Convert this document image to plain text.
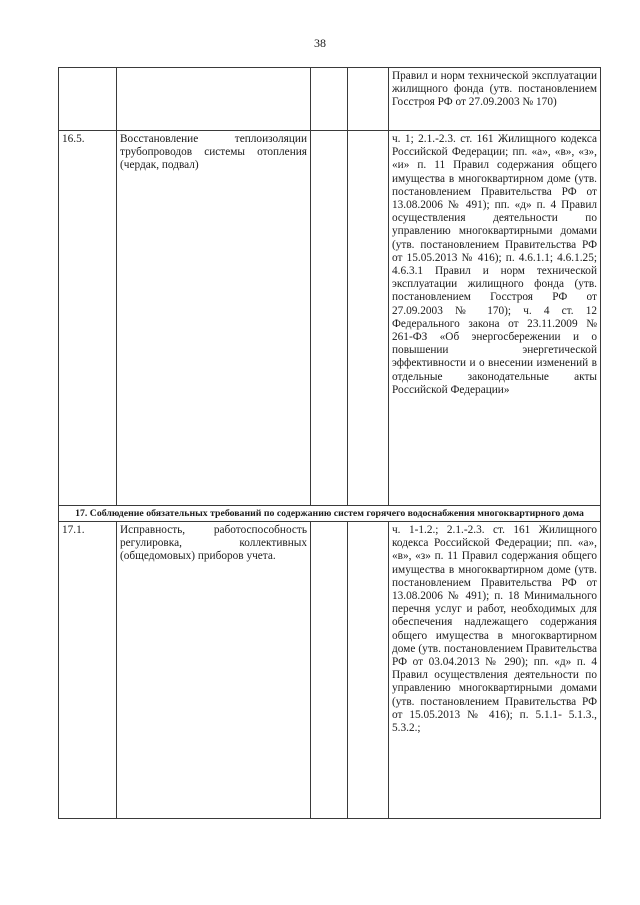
38
				Правил и норм технической эксплуатации жилищного фонда (утв. постановлением Госстроя РФ от 27.09.2003 № 170)
16.5.	Восстановление теплоизоляции трубопроводов системы отопления (чердак, подвал)			ч. 1; 2.1.-2.3. ст. 161 Жилищного кодекса Российской Федерации; пп. «а», «в», «з», «и» п. 11 Правил содержания общего имущества в многоквартирном доме (утв. постановлением Правительства РФ от 13.08.2006 № 491); пп. «д» п. 4 Правил осуществления деятельности по управлению многоквартирными домами (утв. постановлением Правительства РФ от 15.05.2013 № 416); п. 4.6.1.1; 4.6.1.25; 4.6.3.1 Правил и норм технической эксплуатации жилищного фонда (утв. постановлением Госстроя РФ от 27.09.2003 № 170); ч. 4 ст. 12 Федерального закона от 23.11.2009 № 261-ФЗ «Об энергосбережении и о повышении энергетической эффективности и о внесении изменений в отдельные законодательные акты Российской Федерации»
17. Соблюдение обязательных требований по содержанию систем горячего водоснабжения многоквартирного дома				
17.1.	Исправность, работоспособность регулировка, коллективных (общедомовых) приборов учета.			ч. 1-1.2.; 2.1.-2.3. ст. 161 Жилищного кодекса Российской Федерации; пп. «а», «в», «з» п. 11 Правил содержания общего имущества в многоквартирном доме (утв. постановлением Правительства РФ от 13.08.2006 № 491); п. 18 Минимального перечня услуг и работ, необходимых для обеспечения надлежащего содержания общего имущества в многоквартирном доме (утв. постановлением Правительства РФ от 03.04.2013 № 290); пп. «д» п. 4 Правил осуществления деятельности по управлению многоквартирными домами (утв. постановлением Правительства РФ от 15.05.2013 № 416); п. 5.1.1- 5.1.3., 5.3.2.;
